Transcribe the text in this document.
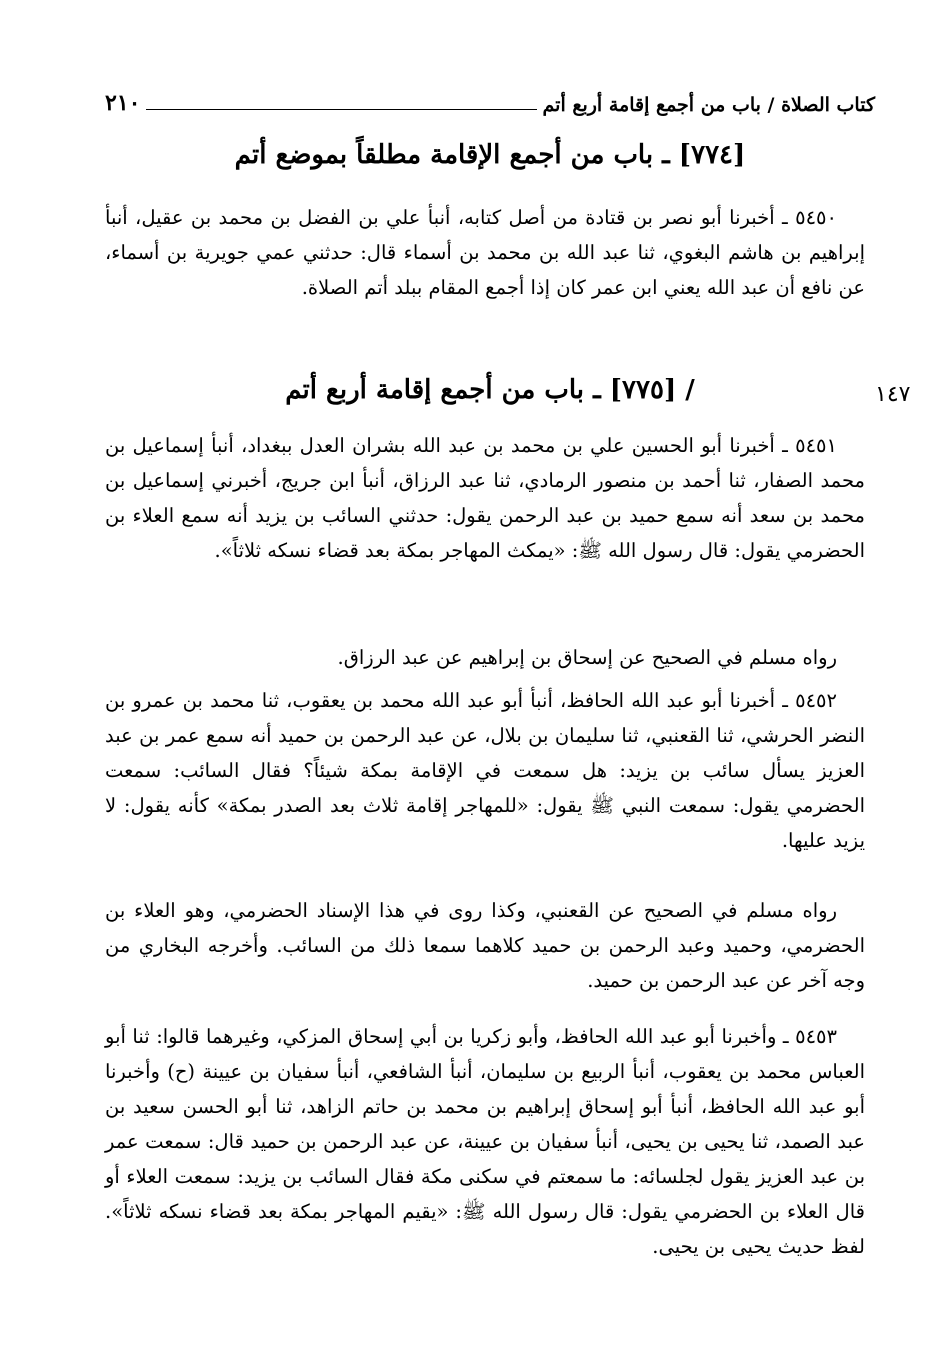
٢١٠	كتاب الصلاة / باب من أجمع إقامة أربع أتم
[٧٧٤] ـ باب من أجمع الإقامة مطلقاً بموضع أتم

٥٤٥٠ ـ أخبرنا أبو نصر بن قتادة من أصل كتابه، أنبأ علي بن الفضل بن محمد بن عقيل، أنبأ إبراهيم بن هاشم البغوي، ثنا عبد الله بن محمد بن أسماء قال: حدثني عمي جويرية بن أسماء، عن نافع أن عبد الله يعني ابن عمر كان إذا أجمع المقام ببلد أتم الصلاة.

/ [٧٧٥] ـ باب من أجمع إقامة أربع أتم	١٤٧

٥٤٥١ ـ أخبرنا أبو الحسين علي بن محمد بن عبد الله بشران العدل ببغداد، أنبأ إسماعيل بن محمد الصفار، ثنا أحمد بن منصور الرمادي، ثنا عبد الرزاق، أنبأ ابن جريج، أخبرني إسماعيل بن محمد بن سعد أنه سمع حميد بن عبد الرحمن يقول: حدثني السائب بن يزيد أنه سمع العلاء بن الحضرمي يقول: قال رسول الله ﷺ: «يمكث المهاجر بمكة بعد قضاء نسكه ثلاثاً».

رواه مسلم في الصحيح عن إسحاق بن إبراهيم عن عبد الرزاق.

٥٤٥٢ ـ أخبرنا أبو عبد الله الحافظ، أنبأ أبو عبد الله محمد بن يعقوب، ثنا محمد بن عمرو بن النضر الحرشي، ثنا القعنبي، ثنا سليمان بن بلال، عن عبد الرحمن بن حميد أنه سمع عمر بن عبد العزيز يسأل سائب بن يزيد: هل سمعت في الإقامة بمكة شيئاً؟ فقال السائب: سمعت الحضرمي يقول: سمعت النبي ﷺ يقول: «للمهاجر إقامة ثلاث بعد الصدر بمكة» كأنه يقول: لا يزيد عليها.

رواه مسلم في الصحيح عن القعنبي، وكذا روى في هذا الإسناد الحضرمي، وهو العلاء بن الحضرمي، وحميد وعبد الرحمن بن حميد كلاهما سمعا ذلك من السائب. وأخرجه البخاري من وجه آخر عن عبد الرحمن بن حميد.

٥٤٥٣ ـ وأخبرنا أبو عبد الله الحافظ، وأبو زكريا بن أبي إسحاق المزكي، وغيرهما قالوا: ثنا أبو العباس محمد بن يعقوب، أنبأ الربيع بن سليمان، أنبأ الشافعي، أنبأ سفيان بن عيينة (ح) وأخبرنا أبو عبد الله الحافظ، أنبأ أبو إسحاق إبراهيم بن محمد بن حاتم الزاهد، ثنا أبو الحسن سعيد بن عبد الصمد، ثنا يحيى بن يحيى، أنبأ سفيان بن عيينة، عن عبد الرحمن بن حميد قال: سمعت عمر بن عبد العزيز يقول لجلسائه: ما سمعتم في سكنى مكة فقال السائب بن يزيد: سمعت العلاء أو قال العلاء بن الحضرمي يقول: قال رسول الله ﷺ: «يقيم المهاجر بمكة بعد قضاء نسكه ثلاثاً». لفظ حديث يحيى بن يحيى.
